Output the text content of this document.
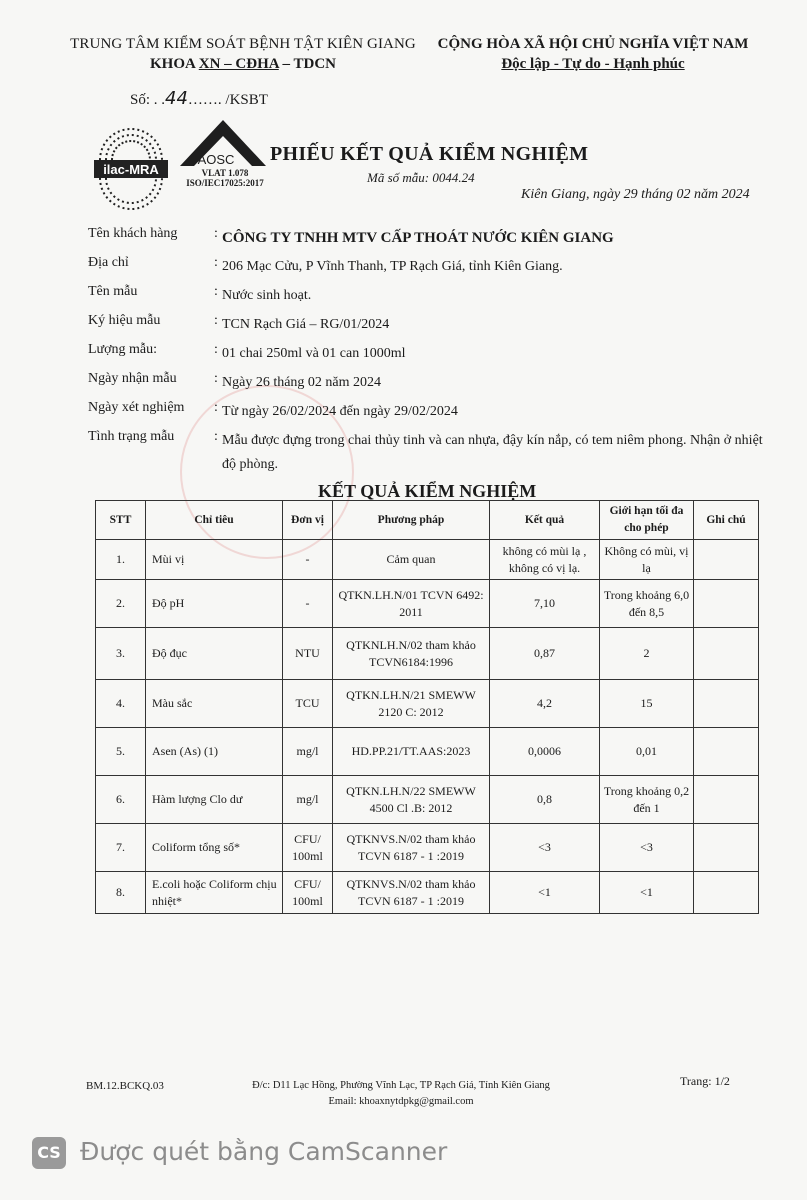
TRUNG TÂM KIỂM SOÁT BỆNH TẬT KIÊN GIANG
KHOA XN – CĐHA – TDCN
CỘNG HÒA XÃ HỘI CHỦ NGHĨA VIỆT NAM
Độc lập - Tự do - Hạnh phúc
Số: . .44……. /KSBT
ilac-MRA
AOSC
VLAT 1.078
ISO/IEC17025:2017
PHIẾU KẾT QUẢ KIỂM NGHIỆM
Mã số mẫu: 0044.24
Kiên Giang, ngày 29 tháng 02 năm 2024
Tên khách hàng	: CÔNG TY TNHH MTV CẤP THOÁT NƯỚC KIÊN GIANG
Địa chỉ	: 206 Mạc Cửu, P Vĩnh Thanh, TP Rạch Giá, tỉnh Kiên Giang.
Tên mẫu	: Nước sinh hoạt.
Ký hiệu mẫu	: TCN Rạch Giá – RG/01/2024
Lượng mẫu:	: 01 chai 250ml và 01 can 1000ml
Ngày nhận mẫu	: Ngày 26 tháng 02 năm 2024
Ngày xét nghiệm : Từ ngày 26/02/2024 đến ngày 29/02/2024
Tình trạng mẫu	: Mẫu được đựng trong chai thủy tinh và can nhựa, đậy kín nắp, có tem niêm phong. Nhận ở nhiệt độ phòng.
KẾT QUẢ KIỂM NGHIỆM
STT	Chỉ tiêu	Đơn vị	Phương pháp	Kết quả	Giới hạn tối đa cho phép	Ghi chú
1.	Mùi vị	-	Cảm quan	không có mùi lạ , không có vị lạ.	Không có mùi, vị lạ	
2.	Độ pH	-	QTKN.LH.N/01 TCVN 6492: 2011	7,10	Trong khoảng 6,0 đến 8,5	
3.	Độ đục	NTU	QTKNLH.N/02 tham khảo TCVN6184:1996	0,87	2	
4.	Màu sắc	TCU	QTKN.LH.N/21 SMEWW 2120 C: 2012	4,2	15	
5.	Asen (As) (1)	mg/l	HD.PP.21/TT.AAS:2023	0,0006	0,01	
6.	Hàm lượng Clo dư	mg/l	QTKN.LH.N/22 SMEWW 4500 Cl .B: 2012	0,8	Trong khoảng 0,2 đến 1	
7.	Coliform tổng số*	CFU/ 100ml	QTKNVS.N/02 tham khảo TCVN 6187 - 1 :2019	<3	<3	
8.	E.coli hoặc Coliform chịu nhiệt*	CFU/ 100ml	QTKNVS.N/02 tham khảo TCVN 6187 - 1 :2019	<1	<1	
BM.12.BCKQ.03	Đ/c: D11 Lạc Hồng, Phường Vĩnh Lạc, TP Rạch Giá, Tỉnh Kiên Giang
Email: khoaxnytdpkg@gmail.com
Trang: 1/2
CS Được quét bằng CamScanner
